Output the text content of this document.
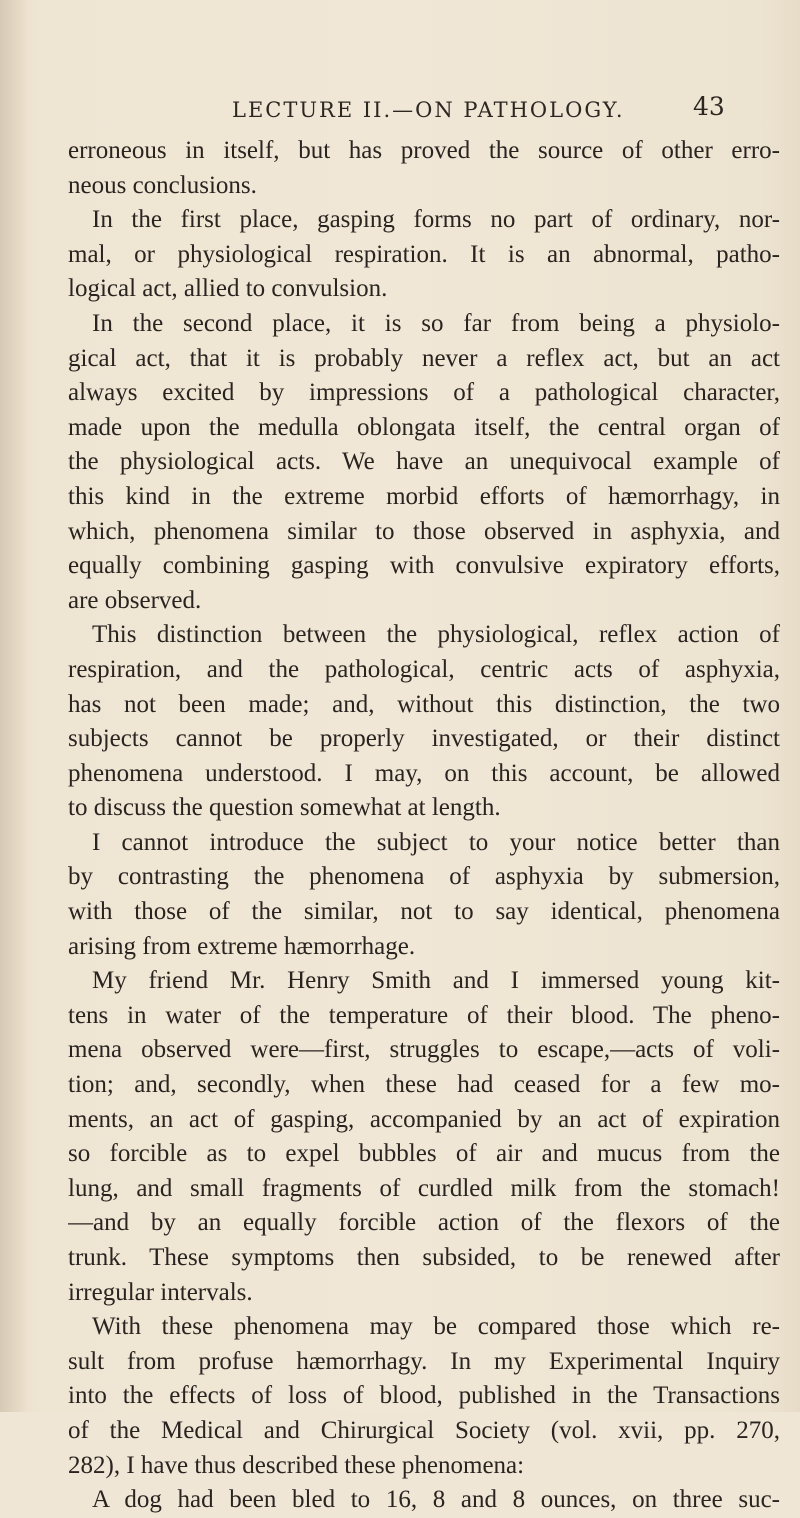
LECTURE II.—ON PATHOLOGY.	43
erroneous in itself, but has proved the source of other erro-
neous conclusions.
In the first place, gasping forms no part of ordinary, nor-
mal, or physiological respiration. It is an abnormal, patho-
logical act, allied to convulsion.
In the second place, it is so far from being a physiolo-
gical act, that it is probably never a reflex act, but an act
always excited by impressions of a pathological character,
made upon the medulla oblongata itself, the central organ of
the physiological acts. We have an unequivocal example of
this kind in the extreme morbid efforts of hæmorrhagy, in
which, phenomena similar to those observed in asphyxia, and
equally combining gasping with convulsive expiratory efforts,
are observed.
This distinction between the physiological, reflex action of
respiration, and the pathological, centric acts of asphyxia,
has not been made; and, without this distinction, the two
subjects cannot be properly investigated, or their distinct
phenomena understood. I may, on this account, be allowed
to discuss the question somewhat at length.
I cannot introduce the subject to your notice better than
by contrasting the phenomena of asphyxia by submersion,
with those of the similar, not to say identical, phenomena
arising from extreme hæmorrhage.
My friend Mr. Henry Smith and I immersed young kit-
tens in water of the temperature of their blood. The pheno-
mena observed were—first, struggles to escape,—acts of voli-
tion; and, secondly, when these had ceased for a few mo-
ments, an act of gasping, accompanied by an act of expiration
so forcible as to expel bubbles of air and mucus from the
lung, and small fragments of curdled milk from the stomach!
—and by an equally forcible action of the flexors of the
trunk. These symptoms then subsided, to be renewed after
irregular intervals.
With these phenomena may be compared those which re-
sult from profuse hæmorrhagy. In my Experimental Inquiry
into the effects of loss of blood, published in the Transactions
of the Medical and Chirurgical Society (vol. xvii, pp. 270,
282), I have thus described these phenomena:
A dog had been bled to 16, 8 and 8 ounces, on three suc-
